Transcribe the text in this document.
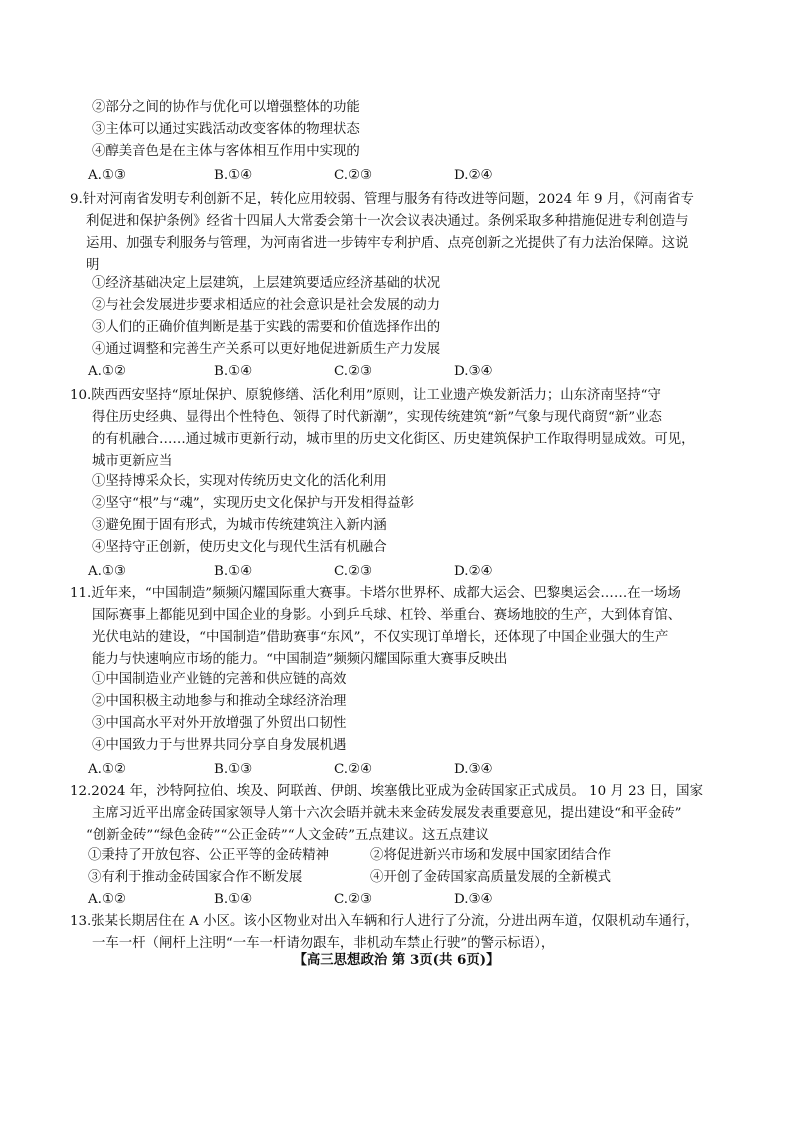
②部分之间的协作与优化可以增强整体的功能
③主体可以通过实践活动改变客体的物理状态
④醇美音色是在主体与客体相互作用中实现的
A.①③	B.①④	C.②③	D.②④
9.针对河南省发明专利创新不足，转化应用较弱、管理与服务有待改进等问题，2024 年 9 月，《河南省专
利促进和保护条例》经省十四届人大常委会第十一次会议表决通过。条例采取多种措施促进专利创造与
运用、加强专利服务与管理，为河南省进一步铸牢专利护盾、点亮创新之光提供了有力法治保障。这说
明
①经济基础决定上层建筑，上层建筑要适应经济基础的状况
②与社会发展进步要求相适应的社会意识是社会发展的动力
③人们的正确价值判断是基于实践的需要和价值选择作出的
④通过调整和完善生产关系可以更好地促进新质生产力发展
A.①②	B.①④	C.②③	D.③④
10.陕西西安坚持“原址保护、原貌修缮、活化利用”原则，让工业遗产焕发新活力；山东济南坚持“守
得住历史经典、显得出个性特色、领得了时代新潮”，实现传统建筑“新”气象与现代商贸“新”业态
的有机融合……通过城市更新行动，城市里的历史文化街区、历史建筑保护工作取得明显成效。可见，
城市更新应当
①坚持博采众长，实现对传统历史文化的活化利用
②坚守“根”与“魂”，实现历史文化保护与开发相得益彰
③避免囿于固有形式，为城市传统建筑注入新内涵
④坚持守正创新，使历史文化与现代生活有机融合
A.①③	B.①④	C.②③	D.②④
11.近年来，“中国制造”频频闪耀国际重大赛事。卡塔尔世界杯、成都大运会、巴黎奥运会……在一场场
国际赛事上都能见到中国企业的身影。小到乒乓球、杠铃、举重台、赛场地胶的生产，大到体育馆、
光伏电站的建设，“中国制造”借助赛事“东风”，不仅实现订单增长，还体现了中国企业强大的生产
能力与快速响应市场的能力。“中国制造”频频闪耀国际重大赛事反映出
①中国制造业产业链的完善和供应链的高效
②中国积极主动地参与和推动全球经济治理
③中国高水平对外开放增强了外贸出口韧性
④中国致力于与世界共同分享自身发展机遇
A.①②	B.①③	C.②④	D.③④
12.2024 年，沙特阿拉伯、埃及、阿联酋、伊朗、埃塞俄比亚成为金砖国家正式成员。 10 月 23 日，国家
主席习近平出席金砖国家领导人第十六次会晤并就未来金砖发展发表重要意见，提出建设“和平金砖”
“创新金砖”“绿色金砖”“公正金砖”“人文金砖”五点建议。这五点建议
①秉持了开放包容、公正平等的金砖精神	②将促进新兴市场和发展中国家团结合作
③有利于推动金砖国家合作不断发展	④开创了金砖国家高质量发展的全新模式
A.①②	B.①④	C.②③	D.③④
13.张某长期居住在 A 小区。该小区物业对出入车辆和行人进行了分流，分进出两车道，仅限机动车通行，
一车一杆（闸杆上注明“一车一杆请勿跟车，非机动车禁止行驶”的警示标语），
【高三思想政治 第 3页(共 6页)】
